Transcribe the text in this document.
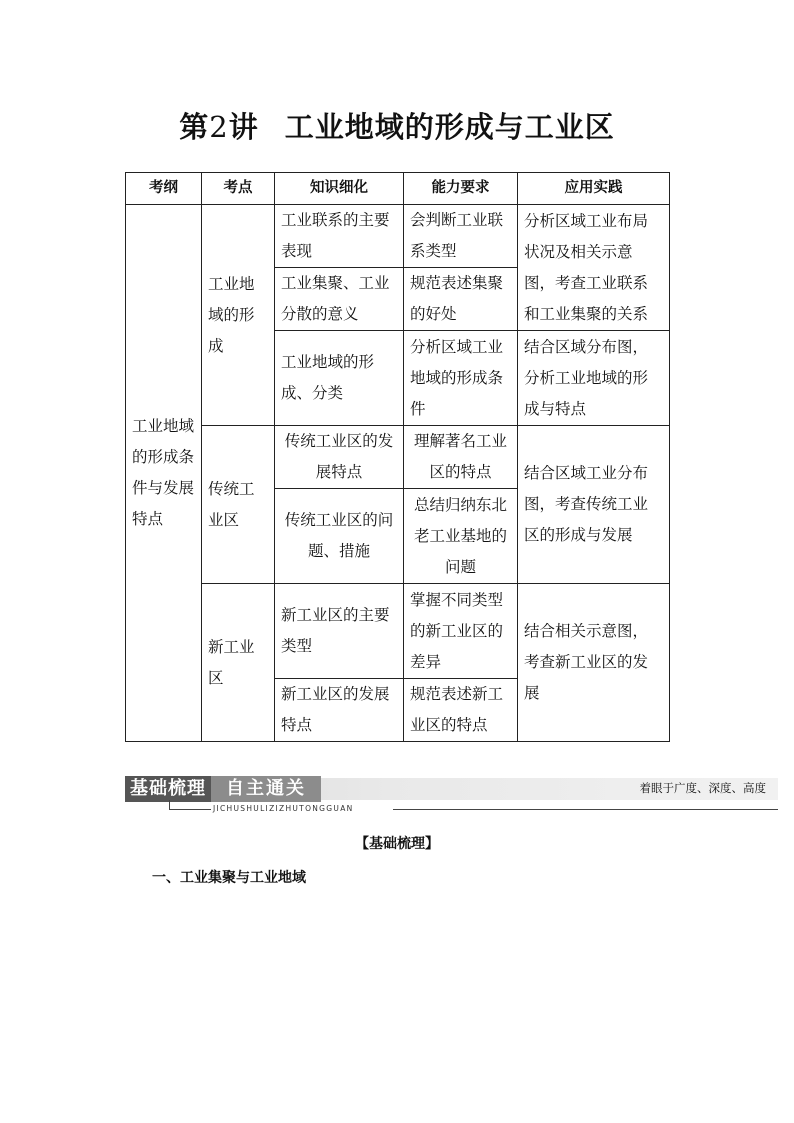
第2讲 工业地域的形成与工业区
考纲	考点	知识细化	能力要求	应用实践
工业地域的形成条件与发展特点	工业地域的形成	工业联系的主要表现	会判断工业联系类型	分析区域工业布局状况及相关示意图，考查工业联系和工业集聚的关系
		工业集聚、工业分散的意义	规范表述集聚的好处	
		工业地域的形成、分类	分析区域工业地域的形成条件	结合区域分布图，分析工业地域的形成与特点
	传统工业区	传统工业区的发展特点	理解著名工业区的特点	结合区域工业分布图，考查传统工业区的形成与发展
		传统工业区的问题、措施	总结归纳东北老工业基地的问题	
	新工业区	新工业区的主要类型	掌握不同类型的新工业区的差异	结合相关示意图，考查新工业区的发展
		新工业区的发展特点	规范表述新工业区的特点	
基础梳理	自主通关	着眼于广度、深度、高度
JICHUSHULIZIZHUTONGGUAN
【基础梳理】
一、工业集聚与工业地域
